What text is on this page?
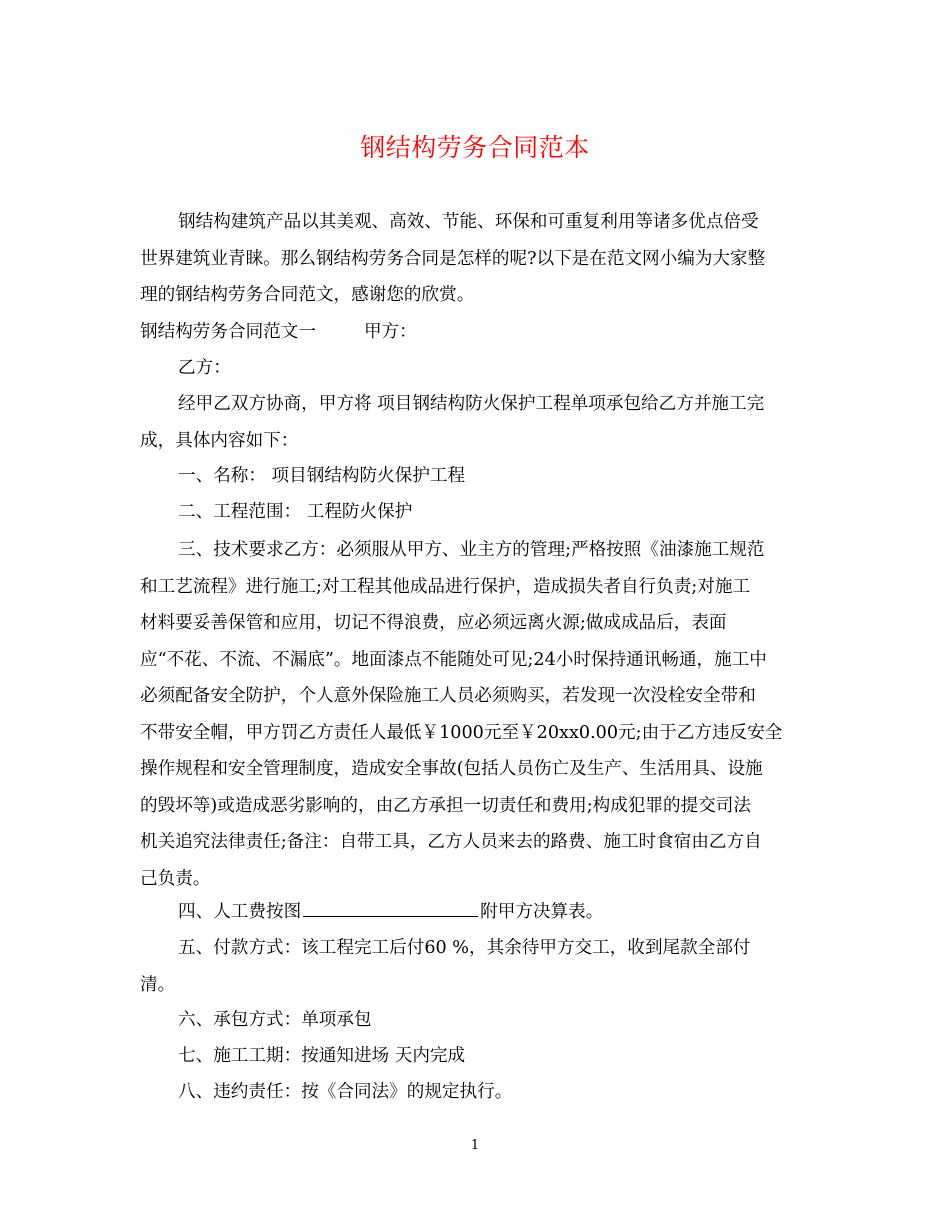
钢结构劳务合同范本
钢结构建筑产品以其美观、高效、节能、环保和可重复利用等诸多优点倍受
世界建筑业青睐。那么钢结构劳务合同是怎样的呢?以下是在范文网小编为大家整
理的钢结构劳务合同范文，感谢您的欣赏。
钢结构劳务合同范文一	甲方：
乙方：
经甲乙双方协商，甲方将 项目钢结构防火保护工程单项承包给乙方并施工完
成，具体内容如下：
一、名称： 项目钢结构防火保护工程
二、工程范围： 工程防火保护
三、技术要求乙方：必须服从甲方、业主方的管理;严格按照《油漆施工规范
和工艺流程》进行施工;对工程其他成品进行保护，造成损失者自行负责;对施工
材料要妥善保管和应用，切记不得浪费，应必须远离火源;做成成品后，表面
应“不花、不流、不漏底”。地面漆点不能随处可见;24小时保持通讯畅通，施工中
必须配备安全防护，个人意外保险施工人员必须购买，若发现一次没栓安全带和
不带安全帽，甲方罚乙方责任人最低￥1000元至￥20xx0.00元;由于乙方违反安全
操作规程和安全管理制度，造成安全事故(包括人员伤亡及生产、生活用具、设施
的毁坏等)或造成恶劣影响的，由乙方承担一切责任和费用;构成犯罪的提交司法
机关追究法律责任;备注：自带工具，乙方人员来去的路费、施工时食宿由乙方自
己负责。
四、人工费按图	附甲方决算表。
五、付款方式：该工程完工后付60 %，其余待甲方交工，收到尾款全部付
清。
六、承包方式：单项承包
七、施工工期：按通知进场 天内完成
八、违约责任：按《合同法》的规定执行。
1
